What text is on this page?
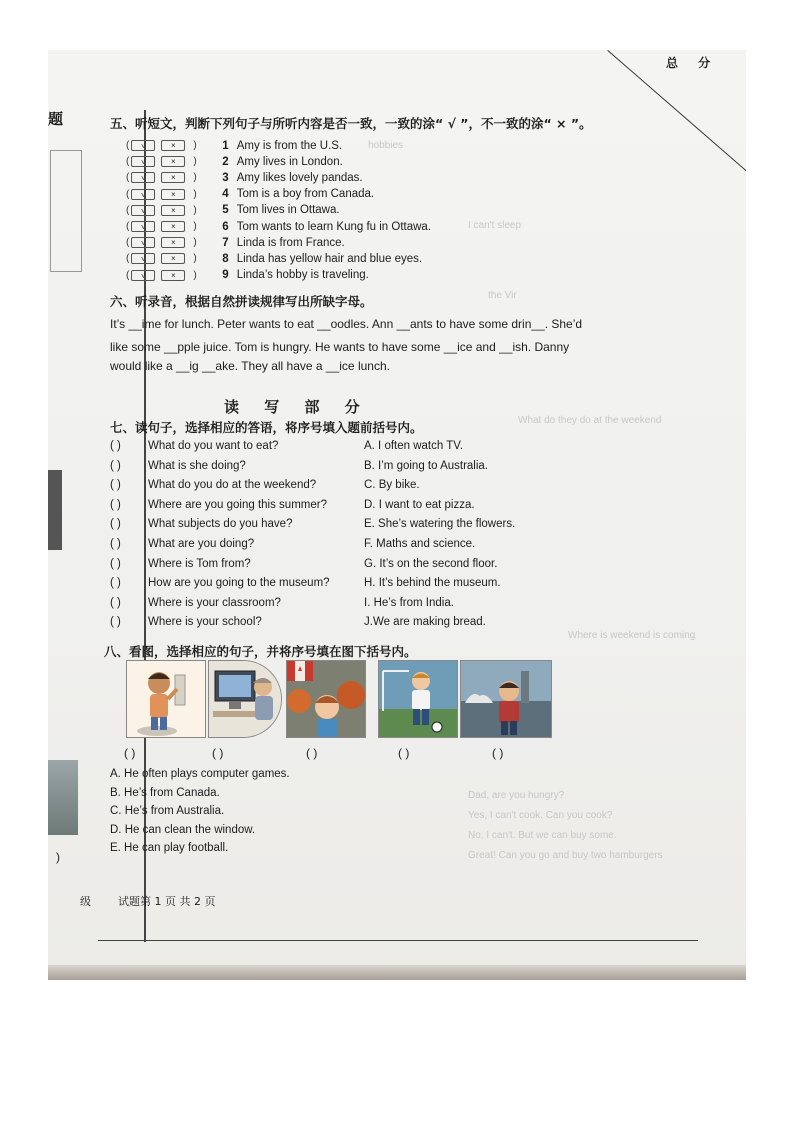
题
)
总 分
hobbies
I can't sleep
the Vir
What do they do at the weekend
Where is weekend is coming
Dad, are you hungry?
Yes, I can't cook. Can you cook?
No, I can't. But we can buy some.
Great! Can you go and buy two hamburgers
五、听短文，判断下列句子与所听内容是否一致，一致的涂“ √ ”，不一致的涂“ × ”。
(	√	×	)	1 Amy is from the U.S.
(	√	×	)	2 Amy lives in London.
(	√	×	)	3 Amy likes lovely pandas.
(	√	×	)	4 Tom is a boy from Canada.
(	√	×	)	5 Tom lives in Ottawa.
(	√	×	)	6 Tom wants to learn Kung fu in Ottawa.
(	√	×	)	7 Linda is from France.
(	√	×	)	8 Linda has yellow hair and blue eyes.
(	√	×	)	9 Linda’s hobby is traveling.
六、听录音，根据自然拼读规律写出所缺字母。
It’s __ime for lunch. Peter wants to eat __oodles. Ann __ants to have some drin__. She’d
like some __pple juice. Tom is hungry. He wants to have some __ice and __ish. Danny
would like a __ig __ake. They all have a __ice lunch.
读 写 部 分
七、读句子，选择相应的答语，将序号填入题前括号内。
( )	What do you want to eat?	A. I often watch TV.
( )	What is she doing?	B. I’m going to Australia.
( )	What do you do at the weekend?	C. By bike.
( )	Where are you going this summer?	D. I want to eat pizza.
( )	What subjects do you have?	E. She’s watering the flowers.
( )	What are you doing?	F. Maths and science.
( )	Where is Tom from?	G. It’s on the second floor.
( )	How are you going to the museum?	H. It’s behind the museum.
( )	Where is your classroom?	I. He’s from India.
( )	Where is your school?	J.We are making bread.
八、看图，选择相应的句子，并将序号填在图下括号内。
( )	( )	( )	( )	( )
A. He often plays computer games.
B. He’s from Canada.
C. He’s from Australia.
D. He can clean the window.
E. He can play football.
级 试题第 1 页 共 2 页
